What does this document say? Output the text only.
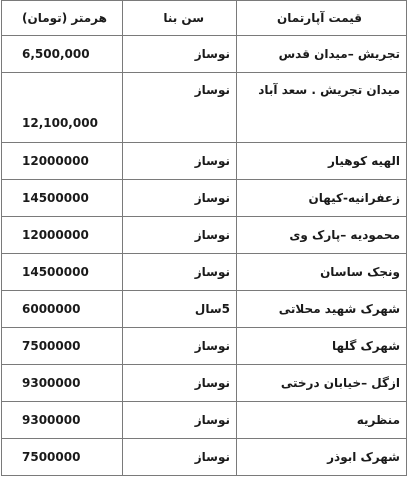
قیمت آپارتمان	سن بنا	هرمتر (تومان)
تجریش –میدان قدس	نوساز	6,500,000
میدان تجریش . سعد آباد	نوساز	12,100,000
الهیه کوهیار	نوساز	12000000
زعفرانیه-کیهان	نوساز	14500000
محمودیه –پارک وی	نوساز	12000000
ونجک ساسان	نوساز	14500000
شهرک شهید محلاتی	5سال	6000000
شهرک گلها	نوساز	7500000
ازگل –خیابان درختی	نوساز	9300000
منظریه	نوساز	9300000
شهرک ابوذر	نوساز	7500000
